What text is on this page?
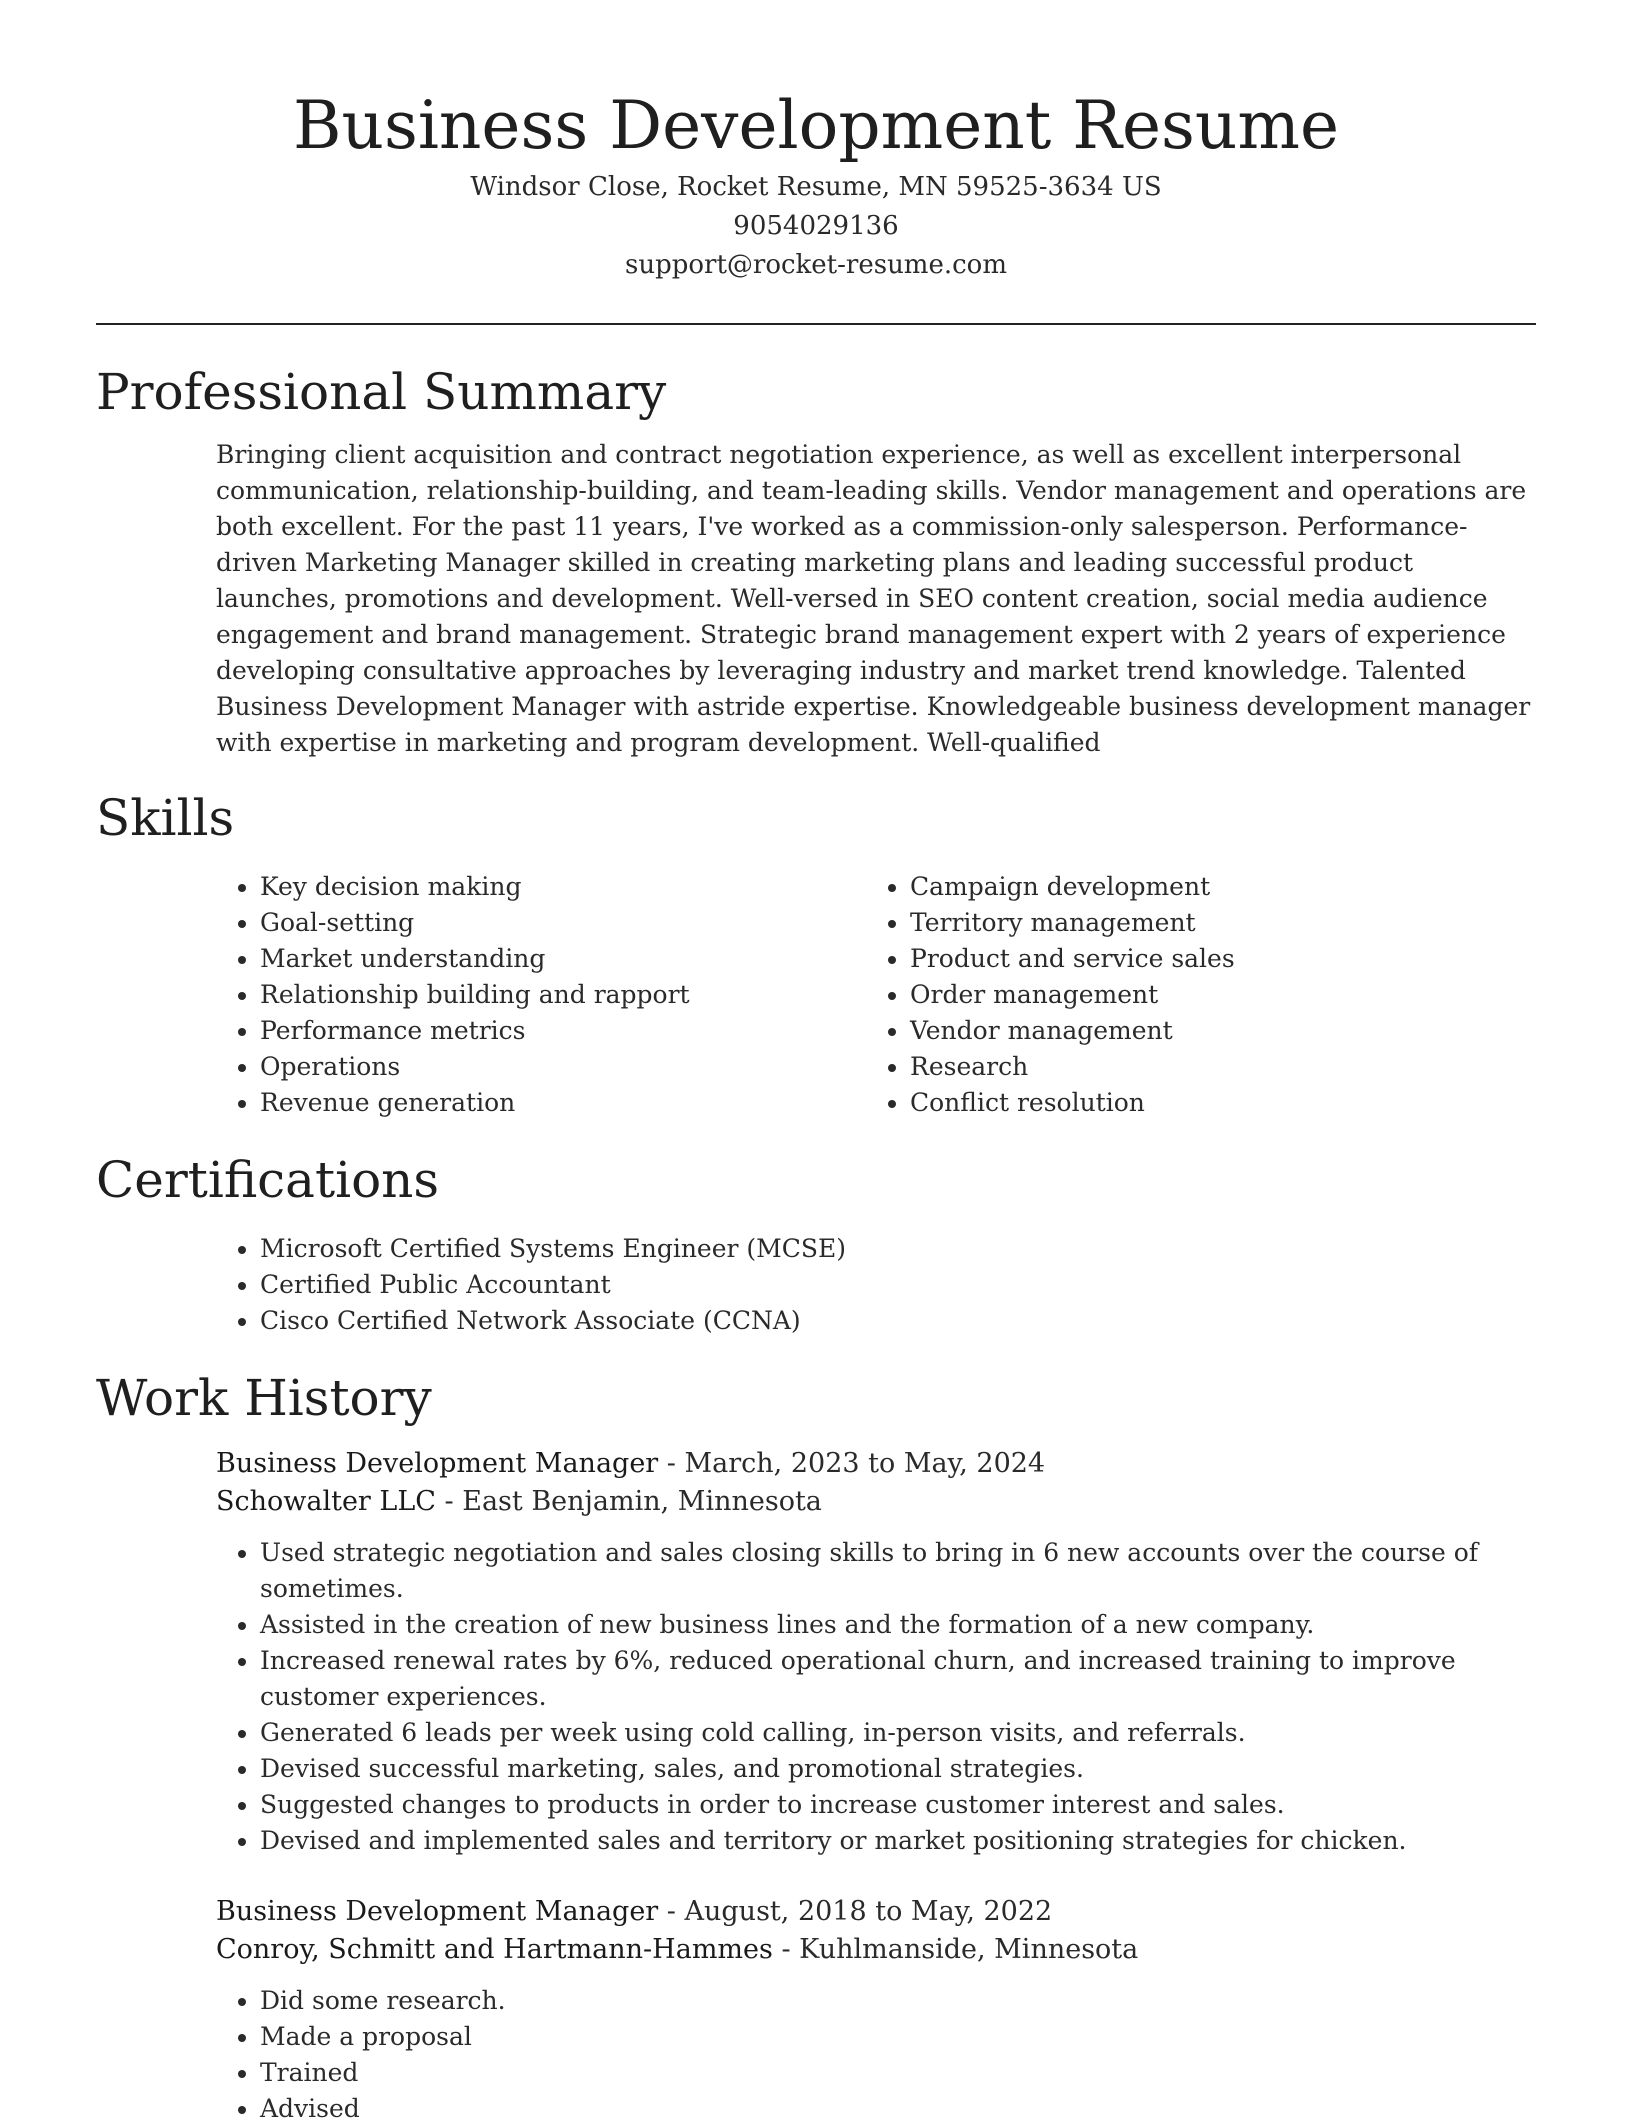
Business Development Resume
Windsor Close, Rocket Resume, MN 59525-3634 US
9054029136
support@rocket-resume.com
Professional Summary

Bringing client acquisition and contract negotiation experience, as well as excellent interpersonal communication, relationship-building, and team-leading skills. Vendor management and operations are both excellent. For the past 11 years, I've worked as a commission-only salesperson. Performance-driven Marketing Manager skilled in creating marketing plans and leading successful product launches, promotions and development. Well-versed in SEO content creation, social media audience engagement and brand management. Strategic brand management expert with 2 years of experience developing consultative approaches by leveraging industry and market trend knowledge. Talented Business Development Manager with astride expertise. Knowledgeable business development manager with expertise in marketing and program development. Well-qualified

Skills
• Key decision making
• Goal-setting
• Market understanding
• Relationship building and rapport
• Performance metrics
• Operations
• Revenue generation
• Campaign development
• Territory management
• Product and service sales
• Order management
• Vendor management
• Research
• Conflict resolution
Certifications
• Microsoft Certified Systems Engineer (MCSE)
• Certified Public Accountant
• Cisco Certified Network Associate (CCNA)
Work History
Business Development Manager - March, 2023 to May, 2024
Schowalter LLC - East Benjamin, Minnesota
• Used strategic negotiation and sales closing skills to bring in 6 new accounts over the course of sometimes.
• Assisted in the creation of new business lines and the formation of a new company.
• Increased renewal rates by 6%, reduced operational churn, and increased training to improve customer experiences.
• Generated 6 leads per week using cold calling, in-person visits, and referrals.
• Devised successful marketing, sales, and promotional strategies.
• Suggested changes to products in order to increase customer interest and sales.
• Devised and implemented sales and territory or market positioning strategies for chicken.
Business Development Manager - August, 2018 to May, 2022
Conroy, Schmitt and Hartmann-Hammes - Kuhlmanside, Minnesota
• Did some research.
• Made a proposal
• Trained
• Advised
